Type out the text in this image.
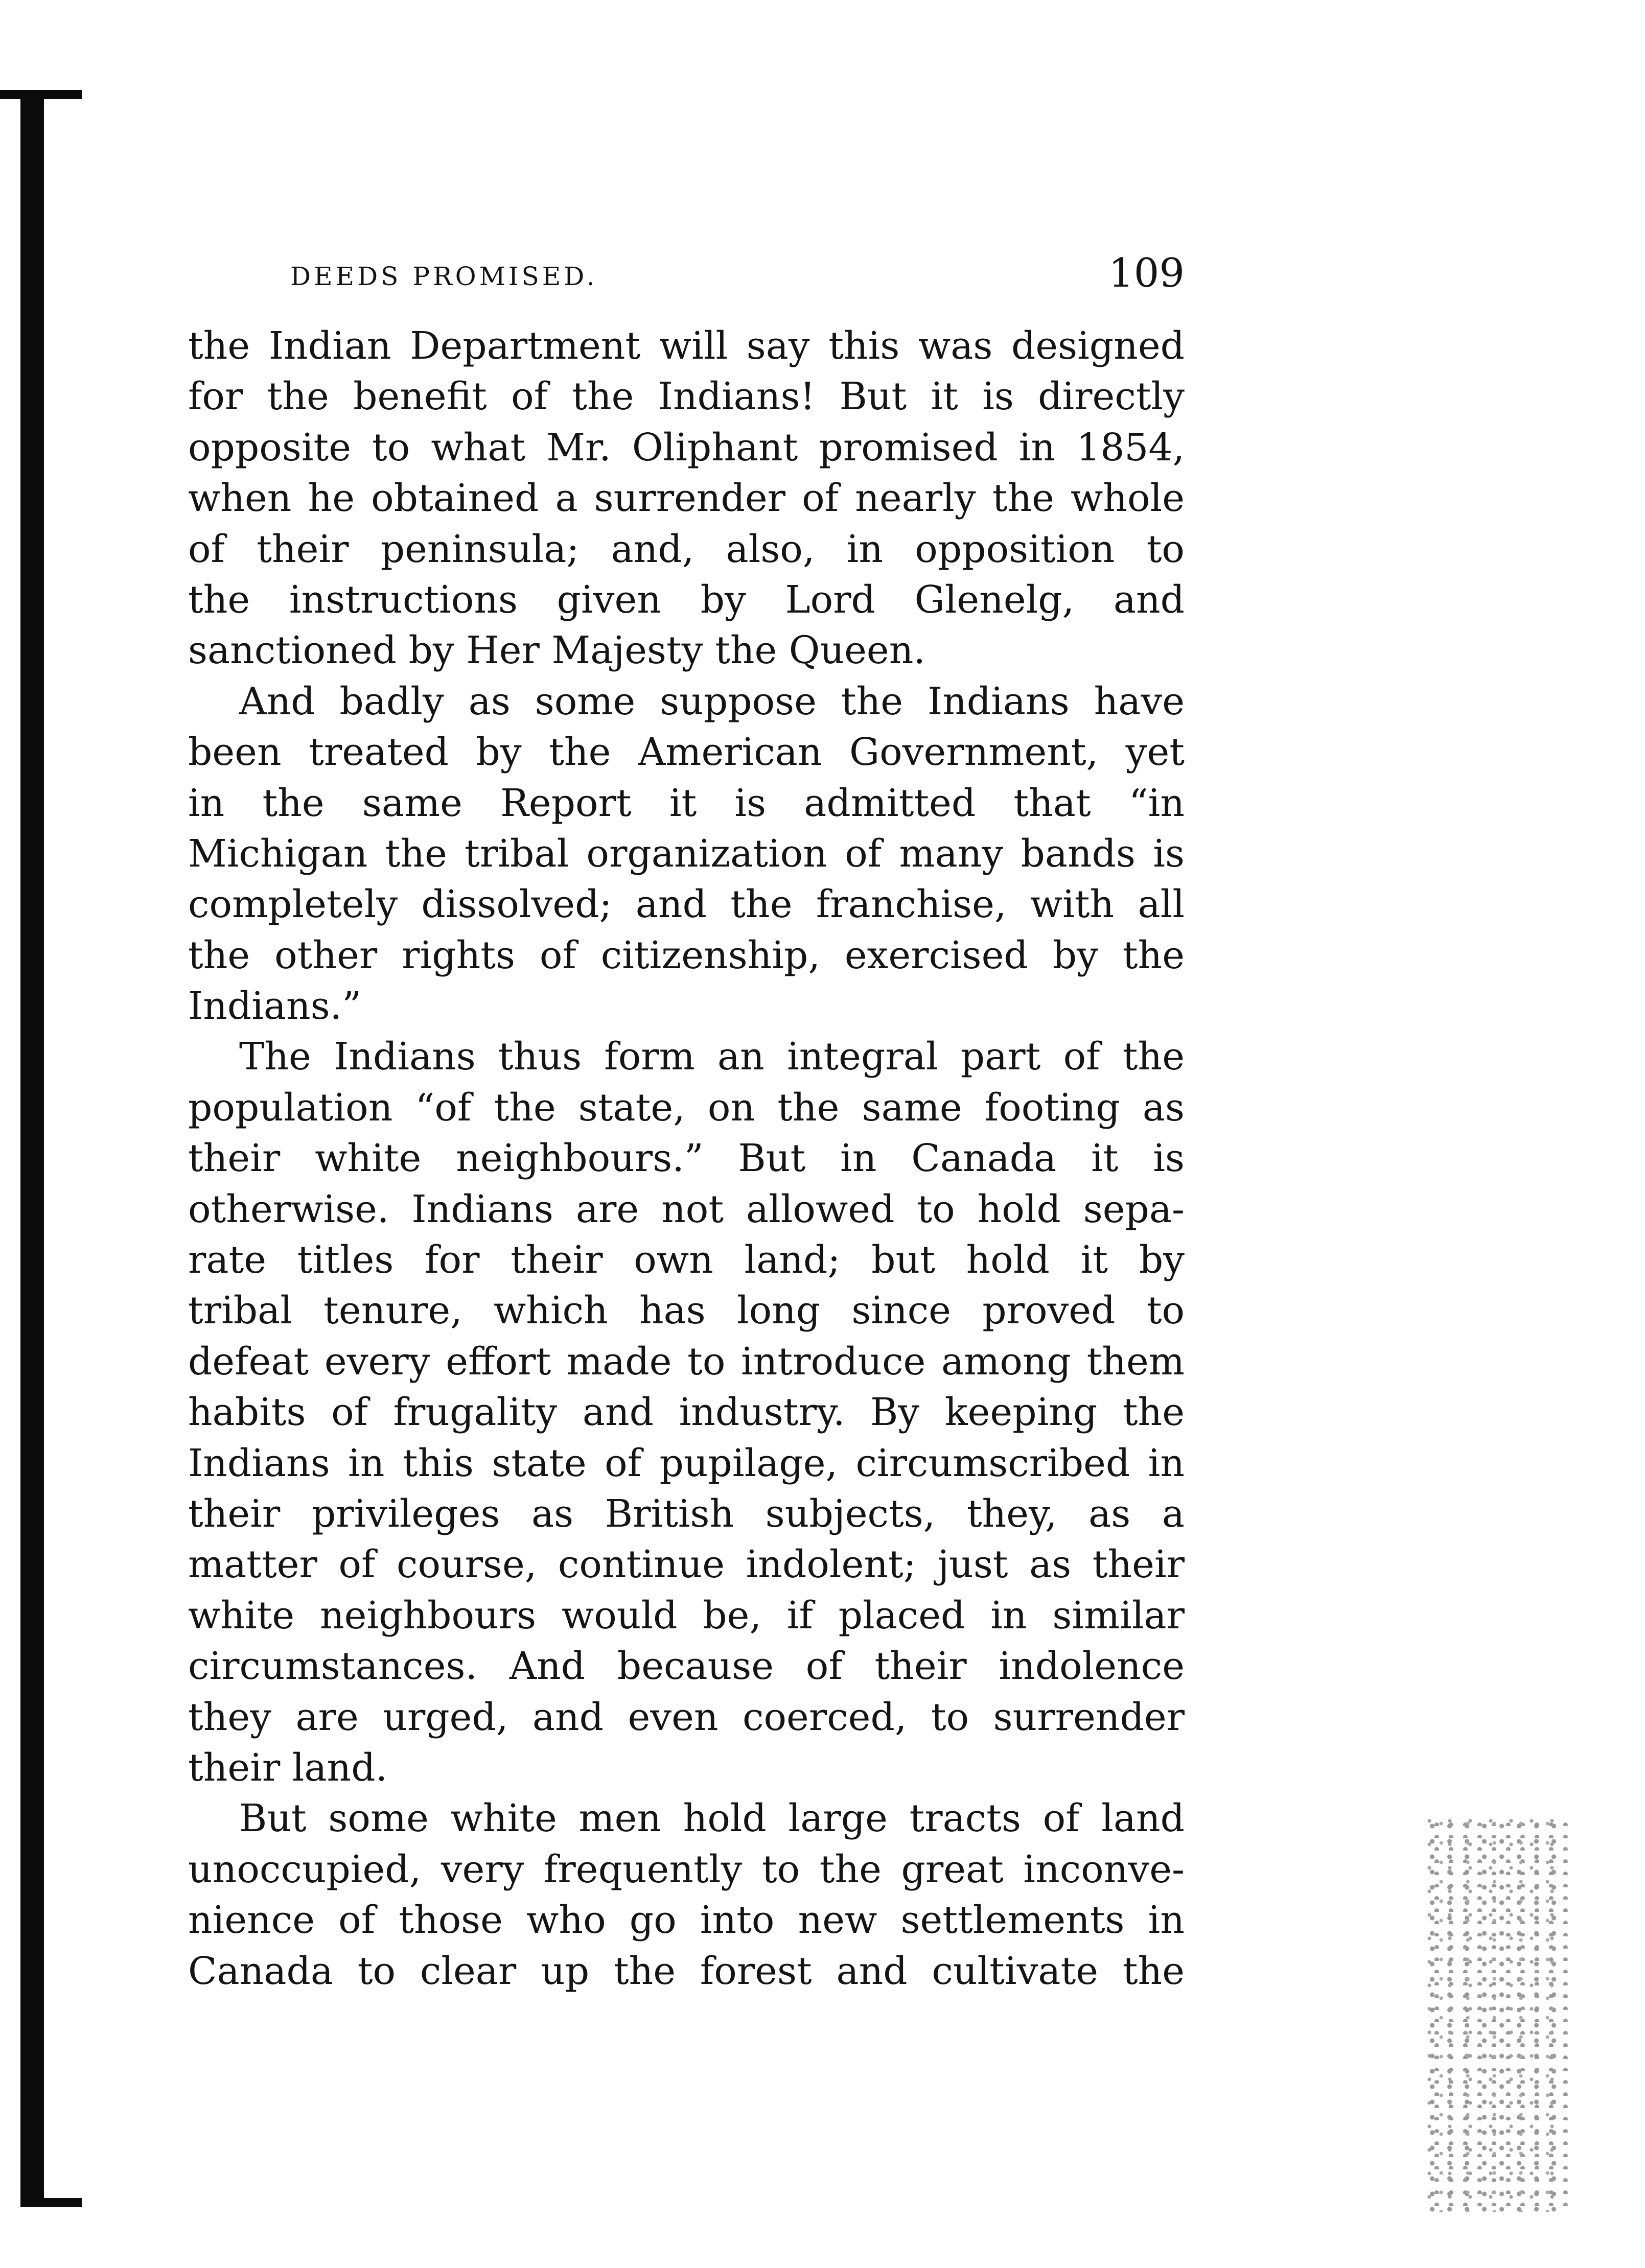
DEEDS PROMISED.	109
the Indian Department will say this was designed
for the benefit of the Indians! But it is directly
opposite to what Mr. Oliphant promised in 1854,
when he obtained a surrender of nearly the whole
of their peninsula; and, also, in opposition to
the instructions given by Lord Glenelg, and
sanctioned by Her Majesty the Queen.
And badly as some suppose the Indians have
been treated by the American Government, yet
in the same Report it is admitted that “in
Michigan the tribal organization of many bands is
completely dissolved; and the franchise, with all
the other rights of citizenship, exercised by the
Indians.”
The Indians thus form an integral part of the
population “of the state, on the same footing as
their white neighbours.” But in Canada it is
otherwise. Indians are not allowed to hold sepa-
rate titles for their own land; but hold it by
tribal tenure, which has long since proved to
defeat every effort made to introduce among them
habits of frugality and industry. By keeping the
Indians in this state of pupilage, circumscribed in
their privileges as British subjects, they, as a
matter of course, continue indolent; just as their
white neighbours would be, if placed in similar
circumstances. And because of their indolence
they are urged, and even coerced, to surrender
their land.
But some white men hold large tracts of land
unoccupied, very frequently to the great inconve-
nience of those who go into new settlements in
Canada to clear up the forest and cultivate the
